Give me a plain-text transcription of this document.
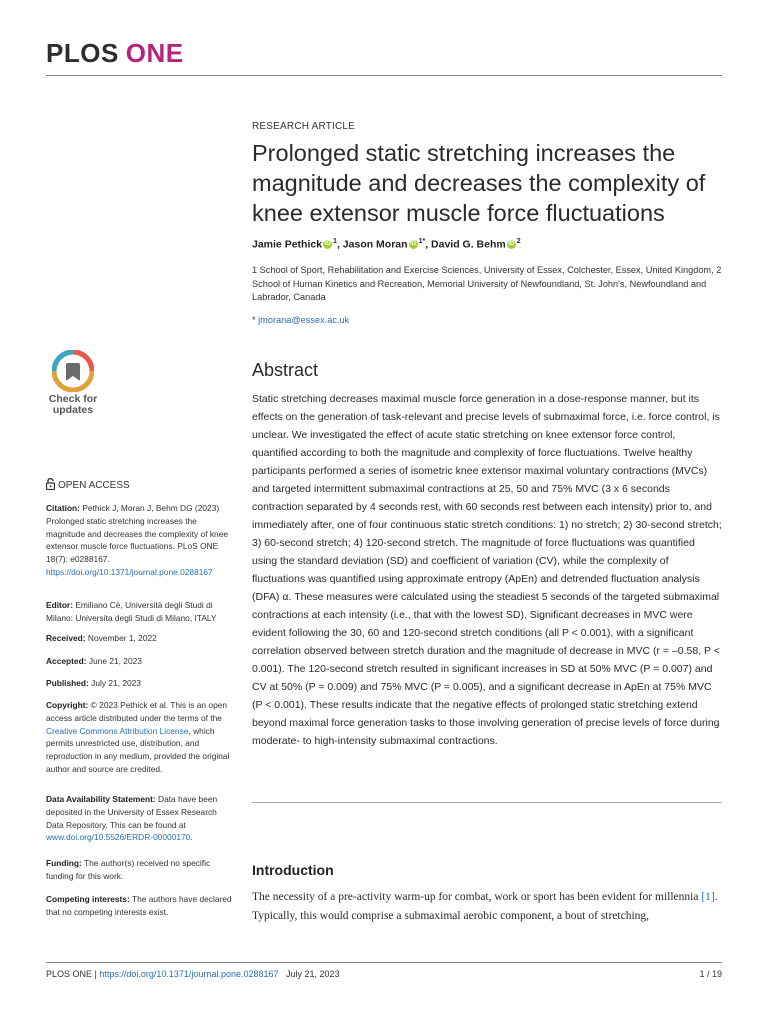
PLOS ONE
RESEARCH ARTICLE
Prolonged static stretching increases the magnitude and decreases the complexity of knee extensor muscle force fluctuations
Jamie Pethick iD $^1$, Jason Moran iD $^{1*}$, David G. Behm iD $^2$
1 School of Sport, Rehabilitation and Exercise Sciences, University of Essex, Colchester, Essex, United Kingdom, 2 School of Human Kinetics and Recreation, Memorial University of Newfoundland, St. John's, Newfoundland and Labrador, Canada
* jmorana@essex.ac.uk
Check for updates
OPEN ACCESS
Citation: Pethick J, Moran J, Behm DG (2023) Prolonged static stretching increases the magnitude and decreases the complexity of knee extensor muscle force fluctuations. PLoS ONE 18(7): e0288167. https://doi.org/10.1371/journal.pone.0288167
Editor: Emiliano Cè, Università degli Studi di Milano: Universita degli Studi di Milano, ITALY
Received: November 1, 2022
Accepted: June 21, 2023
Published: July 21, 2023
Copyright: © 2023 Pethick et al. This is an open access article distributed under the terms of the Creative Commons Attribution License, which permits unrestricted use, distribution, and reproduction in any medium, provided the original author and source are credited.
Data Availability Statement: Data have been deposited in the University of Essex Research Data Repository. This can be found at www.doi.org/10.5526/ERDR-00000170.
Funding: The author(s) received no specific funding for this work.
Competing interests: The authors have declared that no competing interests exist.
Abstract
Static stretching decreases maximal muscle force generation in a dose-response manner, but its effects on the generation of task-relevant and precise levels of submaximal force, i.e. force control, is unclear. We investigated the effect of acute static stretching on knee extensor force control, quantified according to both the magnitude and complexity of force fluctuations. Twelve healthy participants performed a series of isometric knee extensor maximal voluntary contractions (MVCs) and targeted intermittent submaximal contractions at 25, 50 and 75% MVC (3 x 6 seconds contraction separated by 4 seconds rest, with 60 seconds rest between each intensity) prior to, and immediately after, one of four continuous static stretch conditions: 1) no stretch; 2) 30-second stretch; 3) 60-second stretch; 4) 120-second stretch. The magnitude of force fluctuations was quantified using the standard deviation (SD) and coefficient of variation (CV), while the complexity of fluctuations was quantified using approximate entropy (ApEn) and detrended fluctuation analysis (DFA) α. These measures were calculated using the steadiest 5 seconds of the targeted submaximal contractions at each intensity (i.e., that with the lowest SD). Significant decreases in MVC were evident following the 30, 60 and 120-second stretch conditions (all P < 0.001), with a significant correlation observed between stretch duration and the magnitude of decrease in MVC (r = –0.58, P < 0.001). The 120-second stretch resulted in significant increases in SD at 50% MVC (P = 0.007) and CV at 50% (P = 0.009) and 75% MVC (P = 0.005), and a significant decrease in ApEn at 75% MVC (P < 0.001). These results indicate that the negative effects of prolonged static stretching extend beyond maximal force generation tasks to those involving generation of precise levels of force during moderate- to high-intensity submaximal contractions.
Introduction
The necessity of a pre-activity warm-up for combat, work or sport has been evident for millennia [1]. Typically, this would comprise a submaximal aerobic component, a bout of stretching,
PLOS ONE | https://doi.org/10.1371/journal.pone.0288167 July 21, 2023	1 / 19
